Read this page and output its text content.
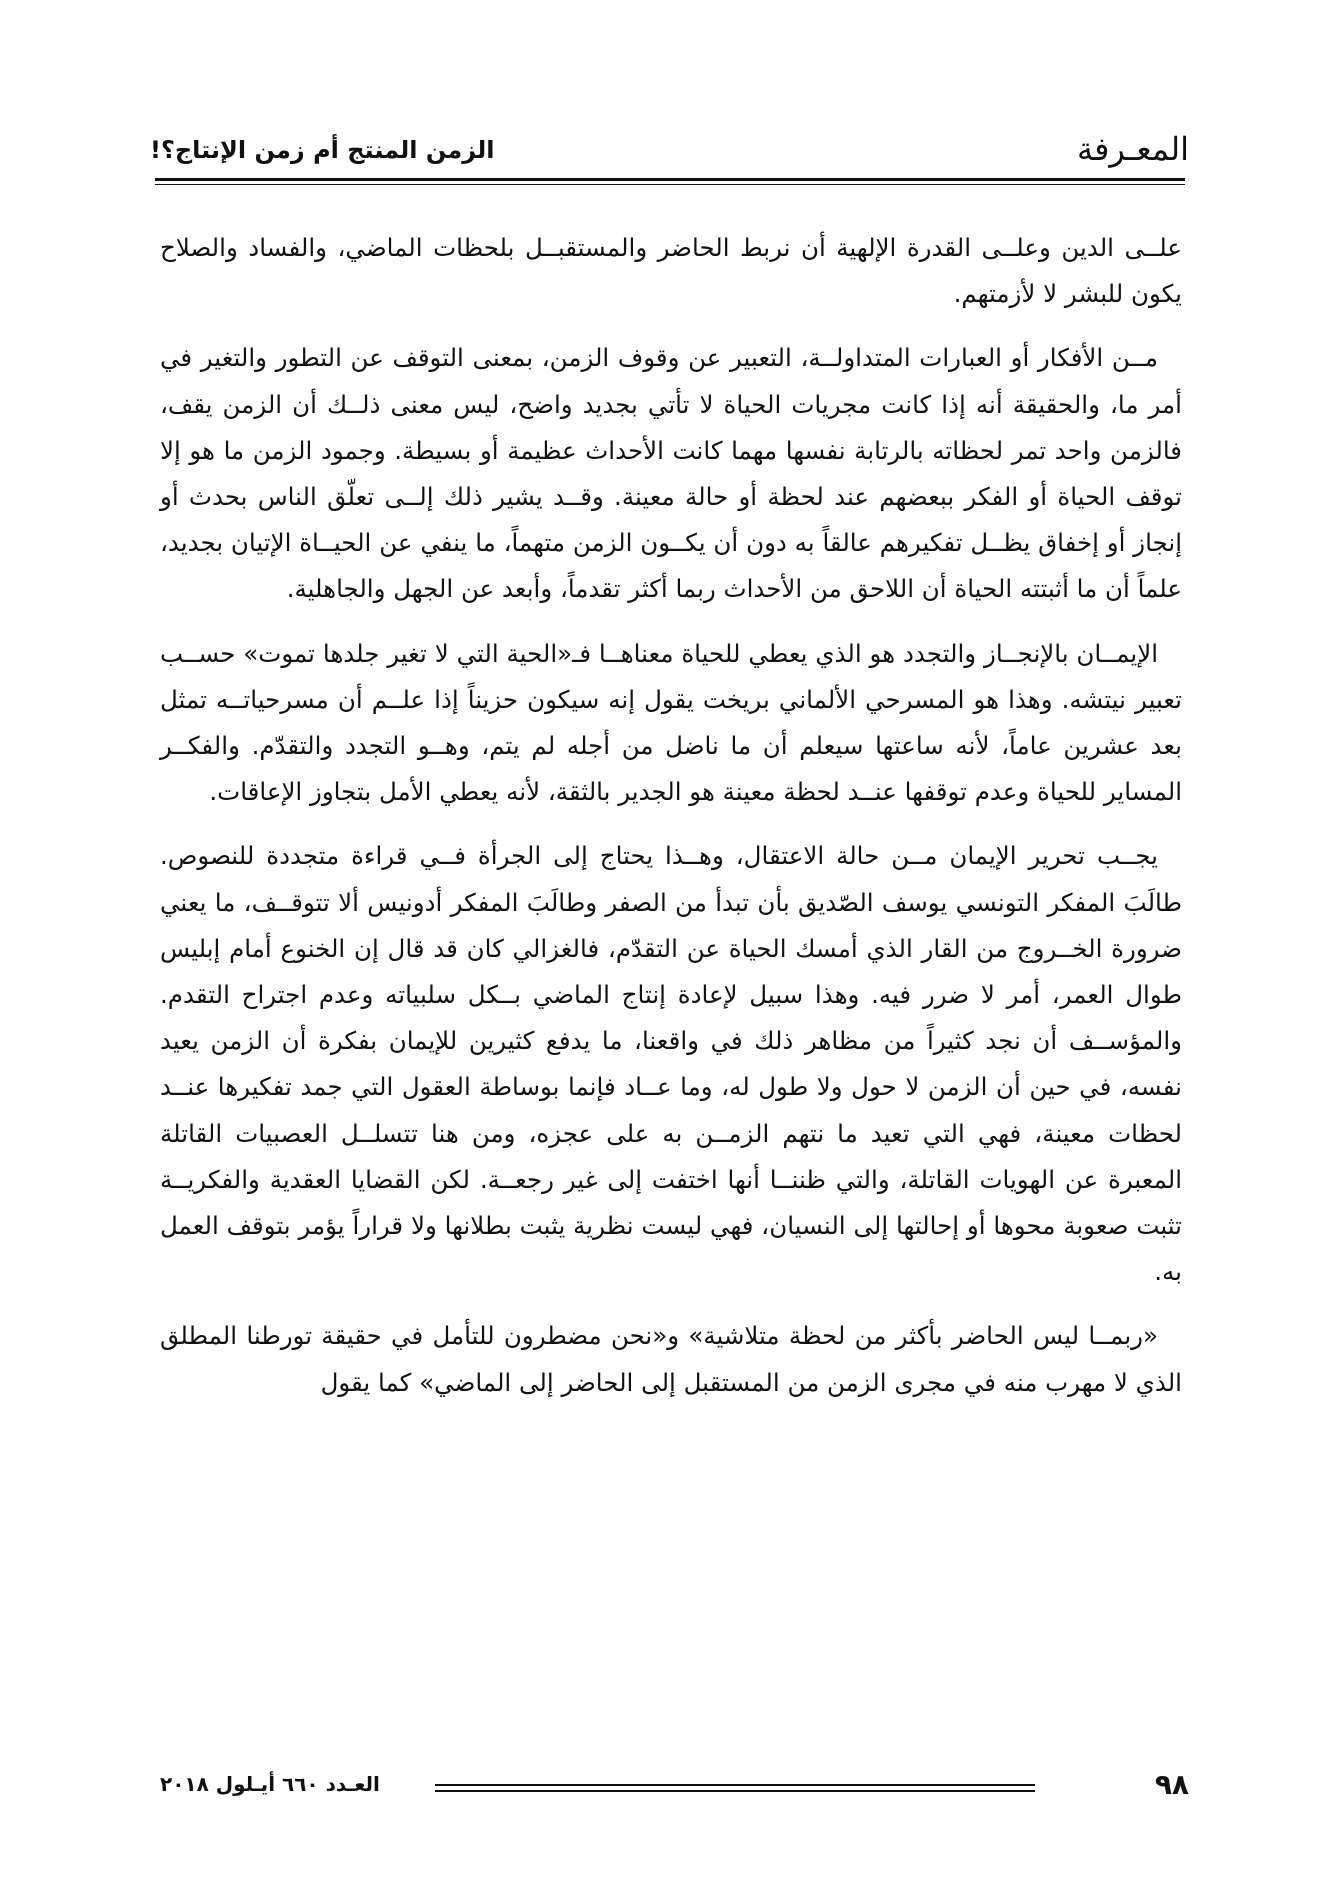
المعـرفة
الزمن المنتج أم زمن الإنتاج؟!

علــى الدين وعلــى القدرة الإلهية أن نربط الحاضر والمستقبــل بلحظات الماضي، والفساد والصلاح يكون للبشر لا لأزمتهم.

مــن الأفكار أو العبارات المتداولــة، التعبير عن وقوف الزمن، بمعنى التوقف عن التطور والتغير في أمر ما، والحقيقة أنه إذا كانت مجريات الحياة لا تأتي بجديد واضح، ليس معنى ذلــك أن الزمن يقف، فالزمن واحد تمر لحظاته بالرتابة نفسها مهما كانت الأحداث عظيمة أو بسيطة. وجمود الزمن ما هو إلا توقف الحياة أو الفكر ببعضهم عند لحظة أو حالة معينة. وقــد يشير ذلك إلــى تعلّق الناس بحدث أو إنجاز أو إخفاق يظــل تفكيرهم عالقاً به دون أن يكــون الزمن متهماً، ما ينفي عن الحيــاة الإتيان بجديد، علماً أن ما أثبتته الحياة أن اللاحق من الأحداث ربما أكثر تقدماً، وأبعد عن الجهل والجاهلية.

الإيمــان بالإنجــاز والتجدد هو الذي يعطي للحياة معناهــا فـ«الحية التي لا تغير جلدها تموت» حســب تعبير نيتشه. وهذا هو المسرحي الألماني بريخت يقول إنه سيكون حزيناً إذا علــم أن مسرحياتــه تمثل بعد عشرين عاماً، لأنه ساعتها سيعلم أن ما ناضل من أجله لم يتم، وهــو التجدد والتقدّم. والفكــر المساير للحياة وعدم توقفها عنــد لحظة معينة هو الجدير بالثقة، لأنه يعطي الأمل بتجاوز الإعاقات.

يجــب تحرير الإيمان مــن حالة الاعتقال، وهــذا يحتاج إلى الجرأة فــي قراءة متجددة للنصوص. طالَبَ المفكر التونسي يوسف الصّديق بأن تبدأ من الصفر وطالَبَ المفكر أدونيس ألا تتوقــف، ما يعني ضرورة الخــروج من القار الذي أمسك الحياة عن التقدّم، فالغزالي كان قد قال إن الخنوع أمام إبليس طوال العمر، أمر لا ضرر فيه. وهذا سبيل لإعادة إنتاج الماضي بــكل سلبياته وعدم اجتراح التقدم. والمؤســف أن نجد كثيراً من مظاهر ذلك في واقعنا، ما يدفع كثيرين للإيمان بفكرة أن الزمن يعيد نفسه، في حين أن الزمن لا حول ولا طول له، وما عــاد فإنما بوساطة العقول التي جمد تفكيرها عنــد لحظات معينة، فهي التي تعيد ما نتهم الزمــن به على عجزه، ومن هنا تتسلــل العصبيات القاتلة المعبرة عن الهويات القاتلة، والتي ظننــا أنها اختفت إلى غير رجعــة. لكن القضايا العقدية والفكريــة تثبت صعوبة محوها أو إحالتها إلى النسيان، فهي ليست نظرية يثبت بطلانها ولا قراراً يؤمر بتوقف العمل به.

«ربمــا ليس الحاضر بأكثر من لحظة متلاشية» و«نحن مضطرون للتأمل في حقيقة تورطنا المطلق الذي لا مهرب منه في مجرى الزمن من المستقبل إلى الحاضر إلى الماضي» كما يقول

٩٨
العـدد ٦٦٠ أيـلول ٢٠١٨
